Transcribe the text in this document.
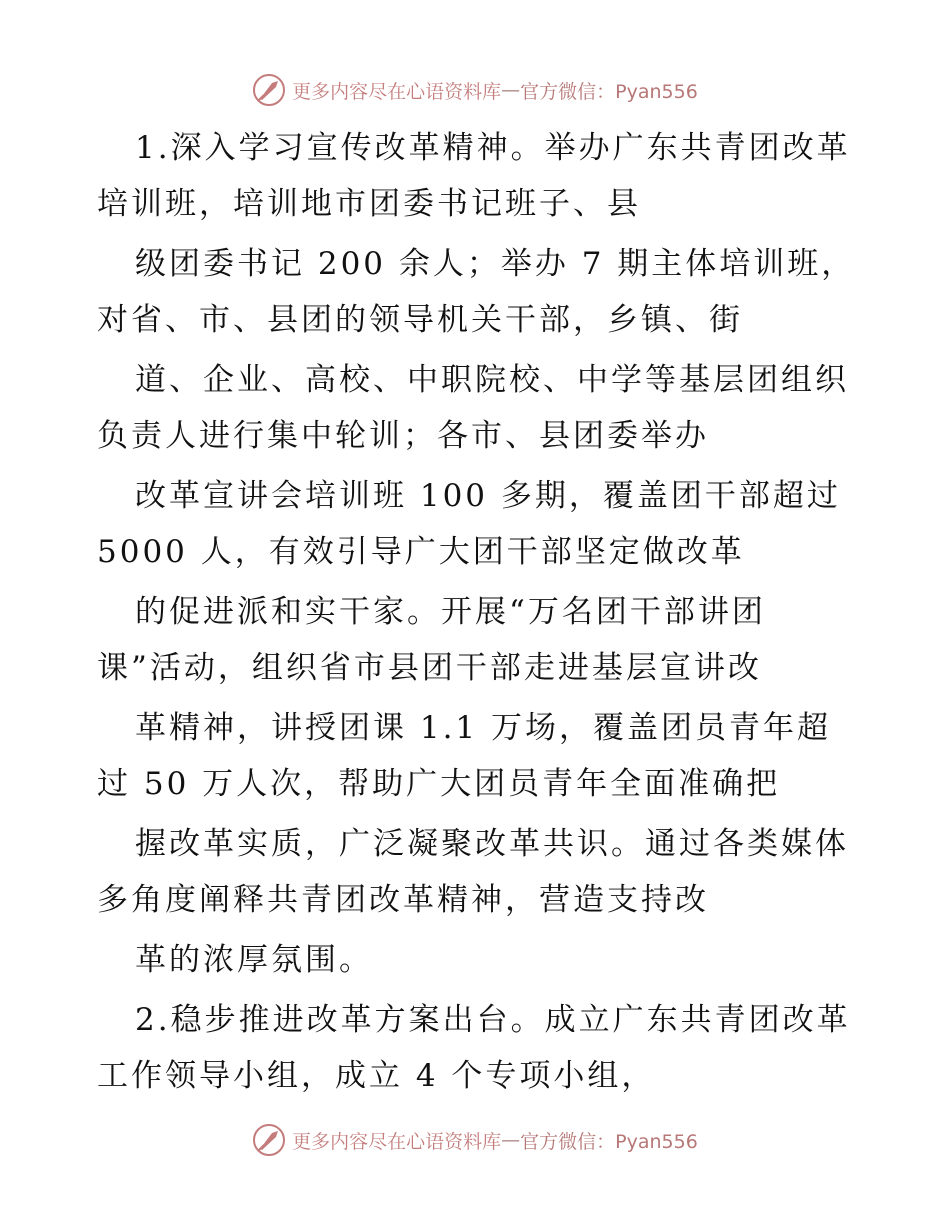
更多内容尽在心语资料库 — 官方微信：Pyan556
1.深入学习宣传改革精神。举办广东共青团改革
培训班，培训地市团委书记班子、县
级团委书记 200 余人；举办 7 期主体培训班，
对省、市、县团的领导机关干部，乡镇、街
道、企业、高校、中职院校、中学等基层团组织
负责人进行集中轮训；各市、县团委举办
改革宣讲会培训班 100 多期，覆盖团干部超过
5000 人，有效引导广大团干部坚定做改革
的促进派和实干家。开展“万名团干部讲团
课”活动，组织省市县团干部走进基层宣讲改
革精神，讲授团课 1.1 万场，覆盖团员青年超
过 50 万人次，帮助广大团员青年全面准确把
握改革实质，广泛凝聚改革共识。通过各类媒体
多角度阐释共青团改革精神，营造支持改
革的浓厚氛围。
2.稳步推进改革方案出台。成立广东共青团改革
工作领导小组，成立 4 个专项小组，
更多内容尽在心语资料库 — 官方微信：Pyan556
